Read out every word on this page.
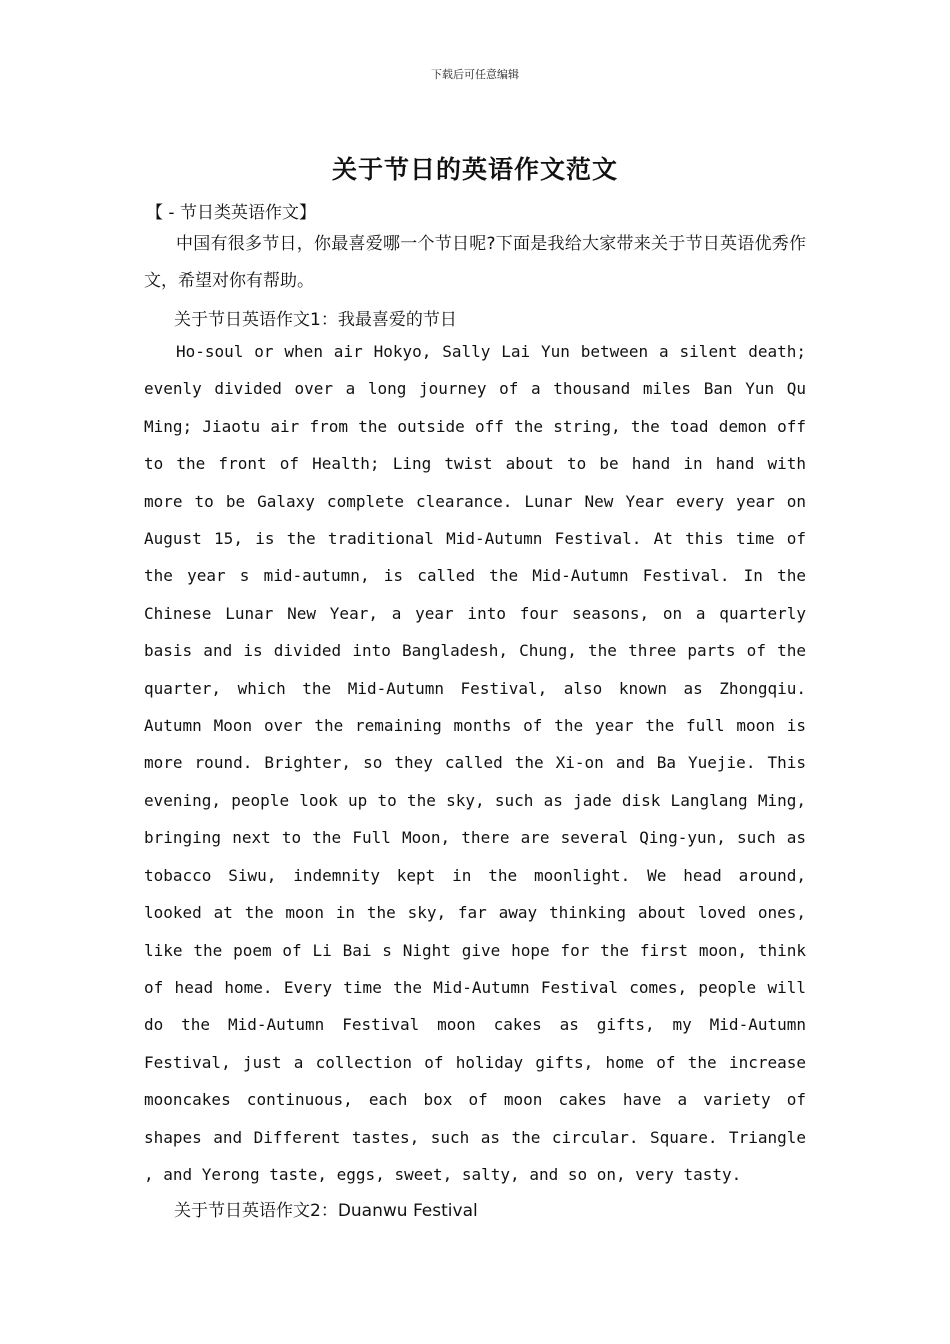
下载后可任意编辑
关于节日的英语作文范文
【 - 节日类英语作文】
中国有很多节日，你最喜爱哪一个节日呢?下面是我给大家带来关于节日英语优秀作文，希望对你有帮助。
关于节日英语作文1：我最喜爱的节日
Ho-soul or when air Hokyo, Sally Lai Yun between a silent death; evenly divided over a long journey of a thousand miles Ban Yun Qu Ming; Jiaotu air from the outside off the string, the toad demon off to the front of Health; Ling twist about to be hand in hand with more to be Galaxy complete clearance. Lunar New Year every year on August 15, is the traditional Mid-Autumn Festival. At this time of the year s mid-autumn, is called the Mid-Autumn Festival. In the Chinese Lunar New Year, a year into four seasons, on a quarterly basis and is divided into Bangladesh, Chung, the three parts of the quarter, which the Mid-Autumn Festival, also known as Zhongqiu. Autumn Moon over the remaining months of the year the full moon is more round. Brighter, so they called the Xi-on and Ba Yuejie. This evening, people look up to the sky, such as jade disk Langlang Ming, bringing next to the Full Moon, there are several Qing-yun, such as tobacco Siwu, indemnity kept in the moonlight. We head around, looked at the moon in the sky, far away thinking about loved ones, like the poem of Li Bai s Night give hope for the first moon, think of head home. Every time the Mid-Autumn Festival comes, people will do the Mid-Autumn Festival moon cakes as gifts, my Mid-Autumn Festival, just a collection of holiday gifts, home of the increase mooncakes continuous, each box of moon cakes have a variety of shapes and Different tastes, such as the circular. Square. Triangle , and Yerong taste, eggs, sweet, salty, and so on, very tasty.
关于节日英语作文2：Duanwu Festival
